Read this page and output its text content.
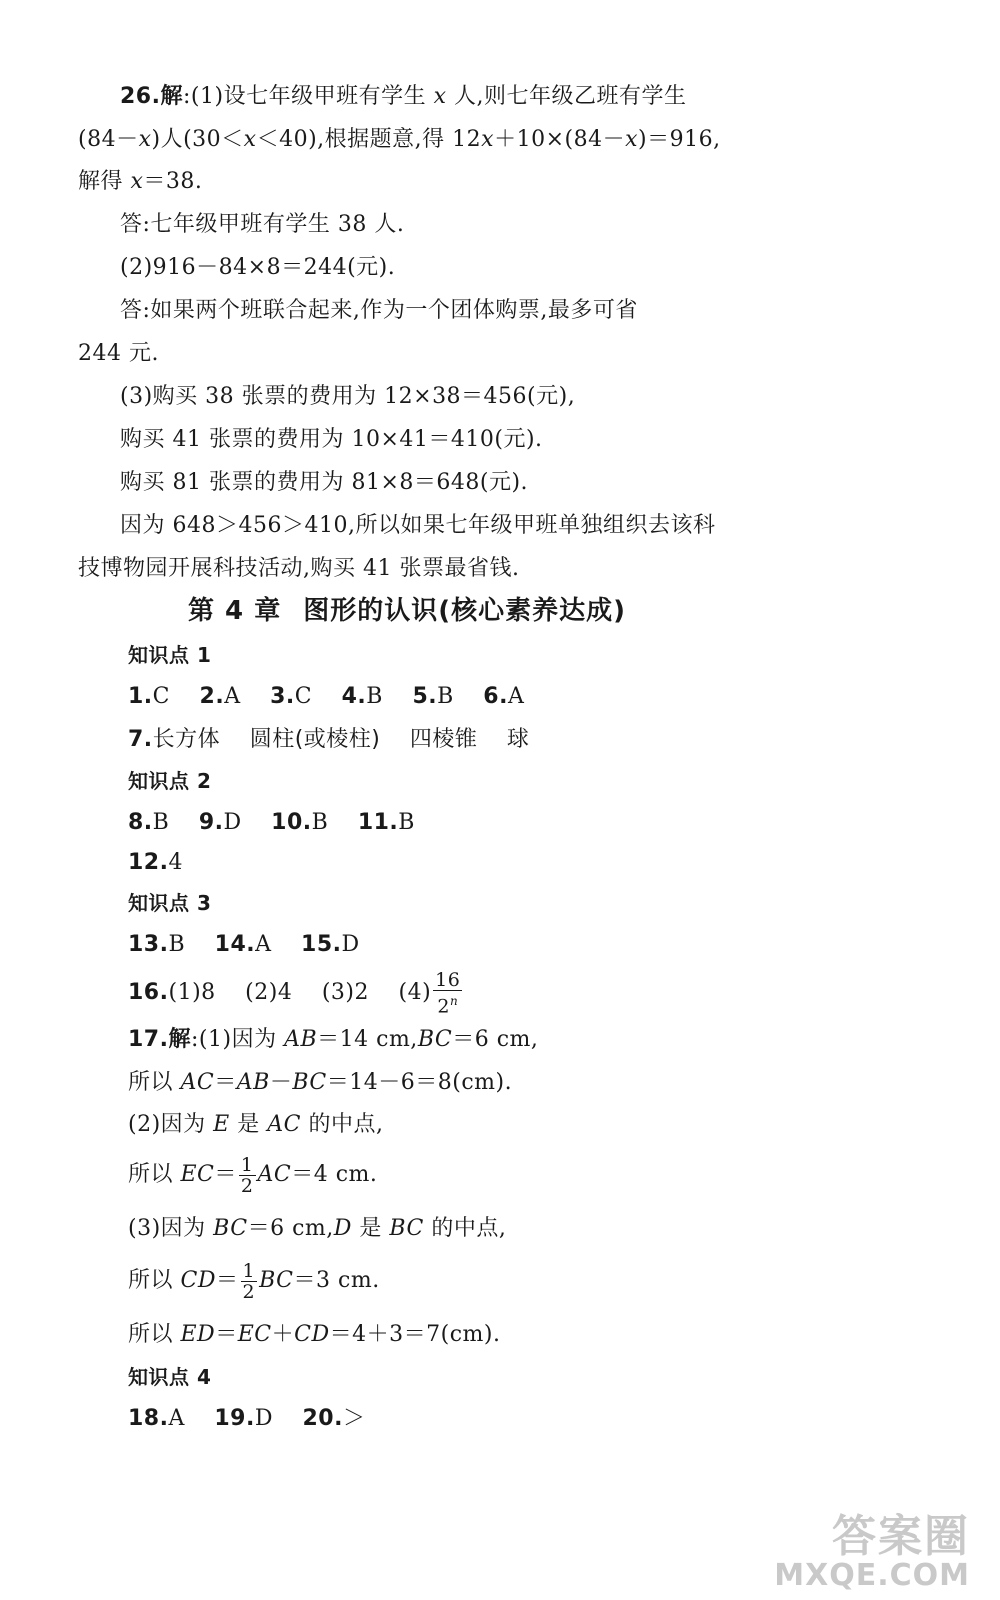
26.解:(1)设七年级甲班有学生 x 人,则七年级乙班有学生
(84－x)人(30＜x＜40),根据题意,得 12x＋10×(84－x)＝916,
解得 x＝38.
答:七年级甲班有学生 38 人.
(2)916－84×8＝244(元).
答:如果两个班联合起来,作为一个团体购票,最多可省
244 元.
(3)购买 38 张票的费用为 12×38＝456(元),
购买 41 张票的费用为 10×41＝410(元).
购买 81 张票的费用为 81×8＝648(元).
因为 648＞456＞410,所以如果七年级甲班单独组织去该科
技博物园开展科技活动,购买 41 张票最省钱.
第 4 章 图形的认识(核心素养达成)
知识点 1
1.C 2.A 3.C 4.B 5.B 6.A
7.长方体 圆柱(或棱柱) 四棱锥 球
知识点 2
8.B 9.D 10.B 11.B
12.4
知识点 3
13.B 14.A 15.D
16.(1)8 (2)4 (3)2 $(4) \frac{16}{2^n}$
17.解:(1)因为 AB＝14 cm,BC＝6 cm,
所以 AC＝AB－BC＝14－6＝8(cm).
(2)因为 E 是 AC 的中点,
所以 $EC= \frac{1}{2} AC=4$ cm.
(3)因为 BC＝6 cm,D 是 BC 的中点,
所以 $CD= \frac{1}{2} BC=3$ cm.
所以 ED＝EC＋CD＝4＋3＝7(cm).
知识点 4
18.A 19.D 20.＞
答案圈
MXQE.COM
